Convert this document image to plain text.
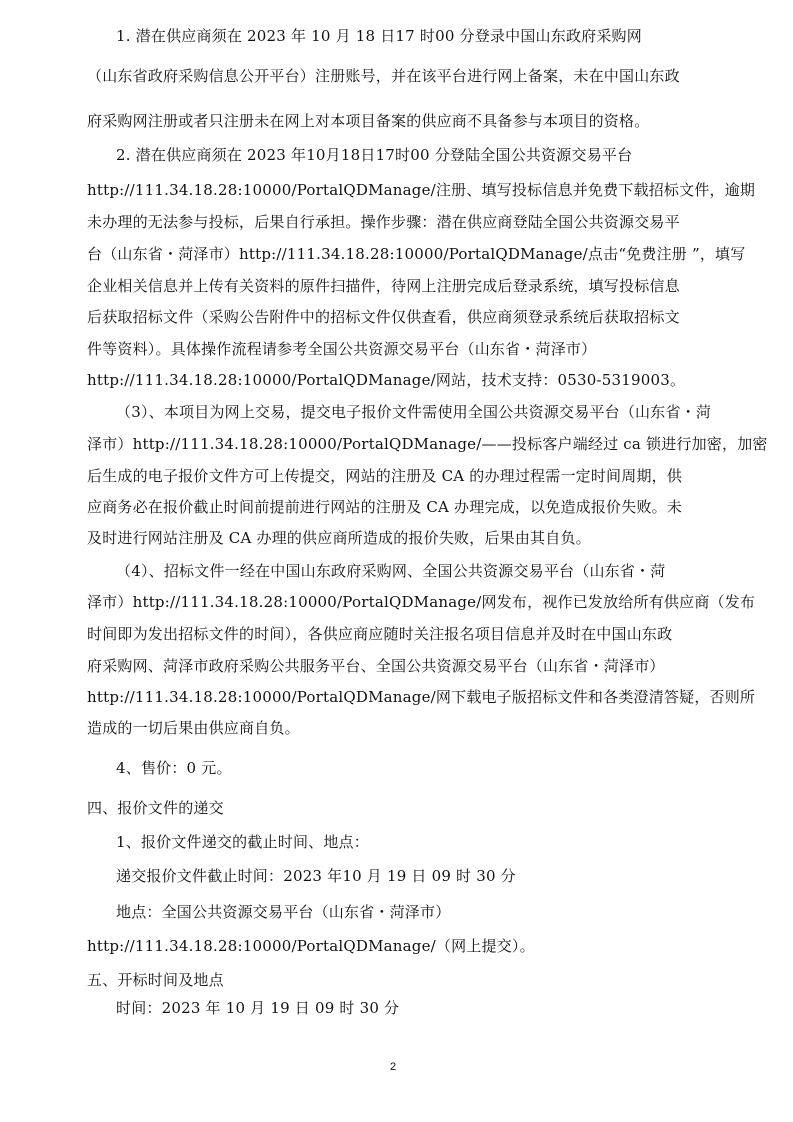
1. 潜在供应商须在 2023 年 10 月 18 日17 时00 分登录中国山东政府采购网
（山东省政府采购信息公开平台）注册账号，并在该平台进行网上备案，未在中国山东政
府采购网注册或者只注册未在网上对本项目备案的供应商不具备参与本项目的资格。
2. 潜在供应商须在 2023 年10月18日17时00 分登陆全国公共资源交易平台
http://111.34.18.28:10000/PortalQDManage/注册、填写投标信息并免费下载招标文件，逾期
未办理的无法参与投标，后果自行承担。操作步骤：潜在供应商登陆全国公共资源交易平
台（山东省・菏泽市）http://111.34.18.28:10000/PortalQDManage/点击“免费注册 ”，填写
企业相关信息并上传有关资料的原件扫描件，待网上注册完成后登录系统，填写投标信息
后获取招标文件（采购公告附件中的招标文件仅供查看，供应商须登录系统后获取招标文
件等资料）。具体操作流程请参考全国公共资源交易平台（山东省・菏泽市）
http://111.34.18.28:10000/PortalQDManage/网站，技术支持：0530-5319003。
（3）、本项目为网上交易，提交电子报价文件需使用全国公共资源交易平台（山东省・菏
泽市）http://111.34.18.28:10000/PortalQDManage/——投标客户端经过 ca 锁进行加密，加密
后生成的电子报价文件方可上传提交，网站的注册及 CA 的办理过程需一定时间周期，供
应商务必在报价截止时间前提前进行网站的注册及 CA 办理完成，以免造成报价失败。未
及时进行网站注册及 CA 办理的供应商所造成的报价失败，后果由其自负。
（4）、招标文件一经在中国山东政府采购网、全国公共资源交易平台（山东省・菏
泽市）http://111.34.18.28:10000/PortalQDManage/网发布，视作已发放给所有供应商（发布
时间即为发出招标文件的时间），各供应商应随时关注报名项目信息并及时在中国山东政
府采购网、菏泽市政府采购公共服务平台、全国公共资源交易平台（山东省・菏泽市）
http://111.34.18.28:10000/PortalQDManage/网下载电子版招标文件和各类澄清答疑，否则所
造成的一切后果由供应商自负。
4、售价：0 元。
四、报价文件的递交
1、报价文件递交的截止时间、地点：
递交报价文件截止时间：2023 年10 月 19 日 09 时 30 分
地点：全国公共资源交易平台（山东省・菏泽市）
http://111.34.18.28:10000/PortalQDManage/（网上提交）。
五、开标时间及地点
时间：2023 年 10 月 19 日 09 时 30 分
2
